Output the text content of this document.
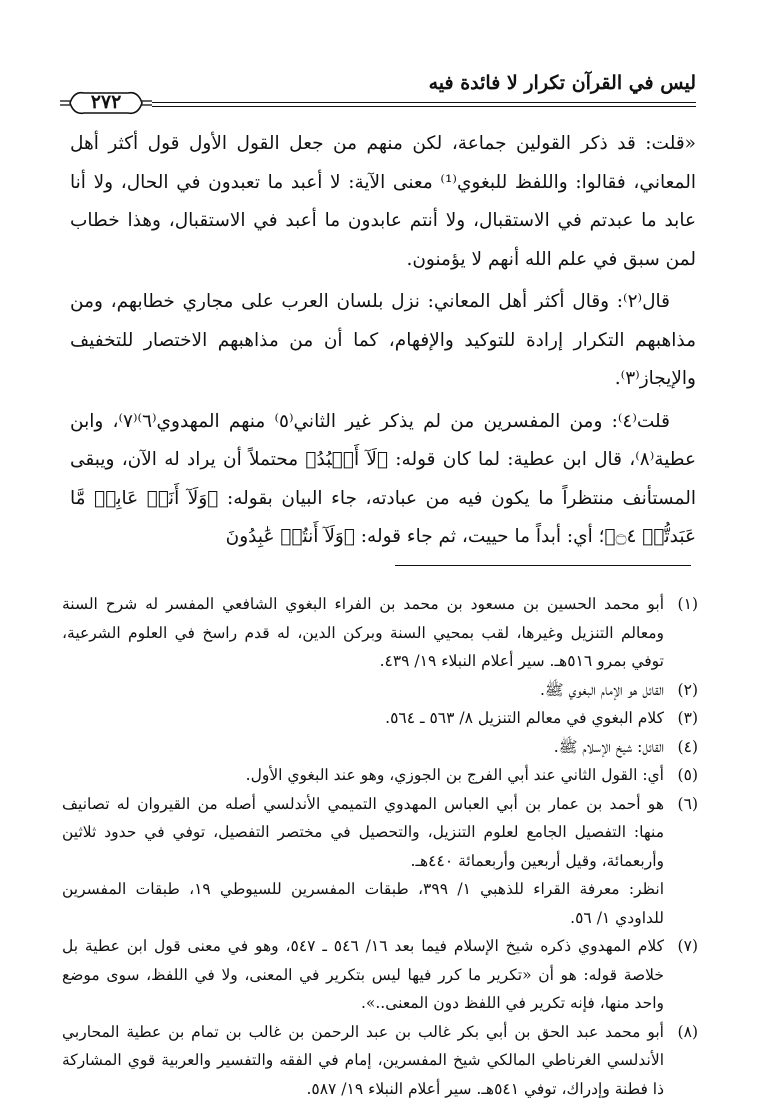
ليس في القرآن تكرار لا فائدة فيه
٢٧٢

«قلت: قد ذكر القولين جماعة، لكن منهم من جعل القول الأول قول أكثر أهل المعاني، فقالوا: واللفظ للبغوي⁽¹⁾ معنى الآية: لا أعبد ما تعبدون في الحال، ولا أنا عابد ما عبدتم في الاستقبال، ولا أنتم عابدون ما أعبد في الاستقبال، وهذا خطاب لمن سبق في علم الله أنهم لا يؤمنون.

قال⁽٢⁾: وقال أكثر أهل المعاني: نزل بلسان العرب على مجاري خطابهم، ومن مذاهبهم التكرار إرادة للتوكيد والإفهام، كما أن من مذاهبهم الاختصار للتخفيف والإيجاز⁽٣⁾.

قلت⁽٤⁾: ومن المفسرين من لم يذكر غير الثاني⁽٥⁾ منهم المهدوي⁽٦⁾⁽٧⁾، وابن عطية⁽٨⁾، قال ابن عطية: لما كان قوله: ﴿لَآ أَعۡبُدُ﴾ محتملاً أن يراد له الآن، ويبقى المستأنف منتظراً ما يكون فيه من عبادته، جاء البيان بقوله: ﴿وَلَآ أَنَا۠ عَابِدٞ مَّا عَبَدتُّمۡ ۝٤﴾؛ أي: أبداً ما حييت، ثم جاء قوله: ﴿وَلَآ أَنتُمۡ عَٰبِدُونَ

(١)
أبو محمد الحسين بن مسعود بن محمد بن الفراء البغوي الشافعي المفسر له شرح السنة ومعالم التنزيل وغيرها، لقب بمحيي السنة وبركن الدين، له قدم راسخ في العلوم الشرعية، توفي بمرو ٥١٦هـ. سير أعلام النبلاء ١٩/ ٤٣٩.

(٢)
القائل هو الإمام البغوي ﷺ.

(٣)
كلام البغوي في معالم التنزيل ٨/ ٥٦٣ ـ ٥٦٤.

(٤)
القائل: شيخ الإسلام ﷺ.

(٥)
أي: القول الثاني عند أبي الفرج بن الجوزي، وهو عند البغوي الأول.

(٦)
هو أحمد بن عمار بن أبي العباس المهدوي التميمي الأندلسي أصله من القيروان له تصانيف منها: التفصيل الجامع لعلوم التنزيل، والتحصيل في مختصر التفصيل، توفي في حدود ثلاثين وأربعمائة، وقيل أربعين وأربعمائة ٤٤٠هـ.

انظر: معرفة القراء للذهبي ١/ ٣٩٩، طبقات المفسرين للسيوطي ١٩، طبقات المفسرين للداودي ١/ ٥٦.

(٧)
كلام المهدوي ذكره شيخ الإسلام فيما بعد ١٦/ ٥٤٦ ـ ٥٤٧، وهو في معنى قول ابن عطية بل خلاصة قوله: هو أن «تكرير ما كرر فيها ليس بتكرير في المعنى، ولا في اللفظ، سوى موضع واحد منها، فإنه تكرير في اللفظ دون المعنى..».

(٨)
أبو محمد عبد الحق بن أبي بكر غالب بن عبد الرحمن بن غالب بن تمام بن عطية المحاربي الأندلسي الغرناطي المالكي شيخ المفسرين، إمام في الفقه والتفسير والعربية قوي المشاركة ذا فطنة وإدراك، توفي ٥٤١هـ. سير أعلام النبلاء ١٩/ ٥٨٧.
